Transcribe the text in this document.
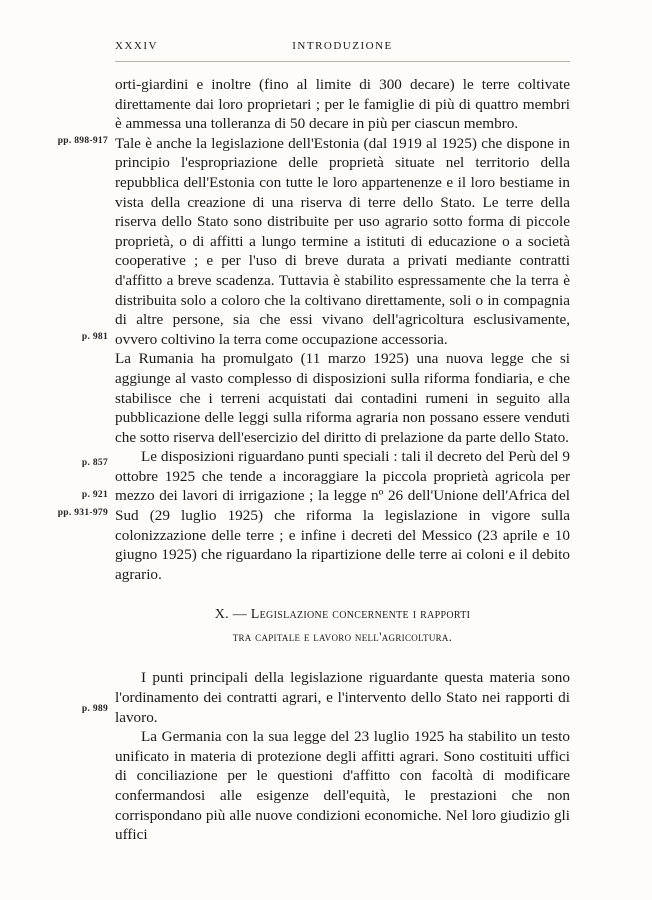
XXXIV	INTRODUZIONE
pp. 898-917
p. 981
p. 857
p. 921
pp. 931-979
p. 989

orti-giardini e inoltre (fino al limite di 300 decare) le terre coltivate direttamente dai loro proprietari ; per le famiglie di più di quattro membri è ammessa una tolleranza di 50 decare in più per ciascun membro.

Tale è anche la legislazione dell'Estonia (dal 1919 al 1925) che dispone in principio l'espropriazione delle proprietà situate nel territorio della repubblica dell'Estonia con tutte le loro appartenenze e il loro bestiame in vista della creazione di una riserva di terre dello Stato. Le terre della riserva dello Stato sono distribuite per uso agrario sotto forma di piccole proprietà, o di affitti a lungo termine a istituti di educazione o a società cooperative ; e per l'uso di breve durata a privati mediante contratti d'affitto a breve scadenza. Tuttavia è stabilito espressamente che la terra è distribuita solo a coloro che la coltivano direttamente, soli o in compagnia di altre persone, sia che essi vivano dell'agricoltura esclusivamente, ovvero coltivino la terra come occupazione accessoria.

La Rumania ha promulgato (11 marzo 1925) una nuova legge che si aggiunge al vasto complesso di disposizioni sulla riforma fondiaria, e che stabilisce che i terreni acquistati dai contadini rumeni in seguito alla pubblicazione delle leggi sulla riforma agraria non possano essere venduti che sotto riserva dell'esercizio del diritto di prelazione da parte dello Stato.

Le disposizioni riguardano punti speciali : tali il decreto del Perù del 9 ottobre 1925 che tende a incoraggiare la piccola proprietà agricola per mezzo dei lavori di irrigazione ; la legge nº 26 dell'Unione dell'Africa del Sud (29 luglio 1925) che riforma la legislazione in vigore sulla colonizzazione delle terre ; e infine i decreti del Messico (23 aprile e 10 giugno 1925) che riguardano la ripartizione delle terre ai coloni e il debito agrario.

X. — Legislazione concernente i rapporti
tra capitale e lavoro nell'agricoltura.

I punti principali della legislazione riguardante questa materia sono l'ordinamento dei contratti agrari, e l'intervento dello Stato nei rapporti di lavoro.

La Germania con la sua legge del 23 luglio 1925 ha stabilito un testo unificato in materia di protezione degli affitti agrari. Sono costituiti uffici di conciliazione per le questioni d'affitto con facoltà di modificare confermandosi alle esigenze dell'equità, le prestazioni che non corrispondano più alle nuove condizioni economiche. Nel loro giudizio gli uffici
